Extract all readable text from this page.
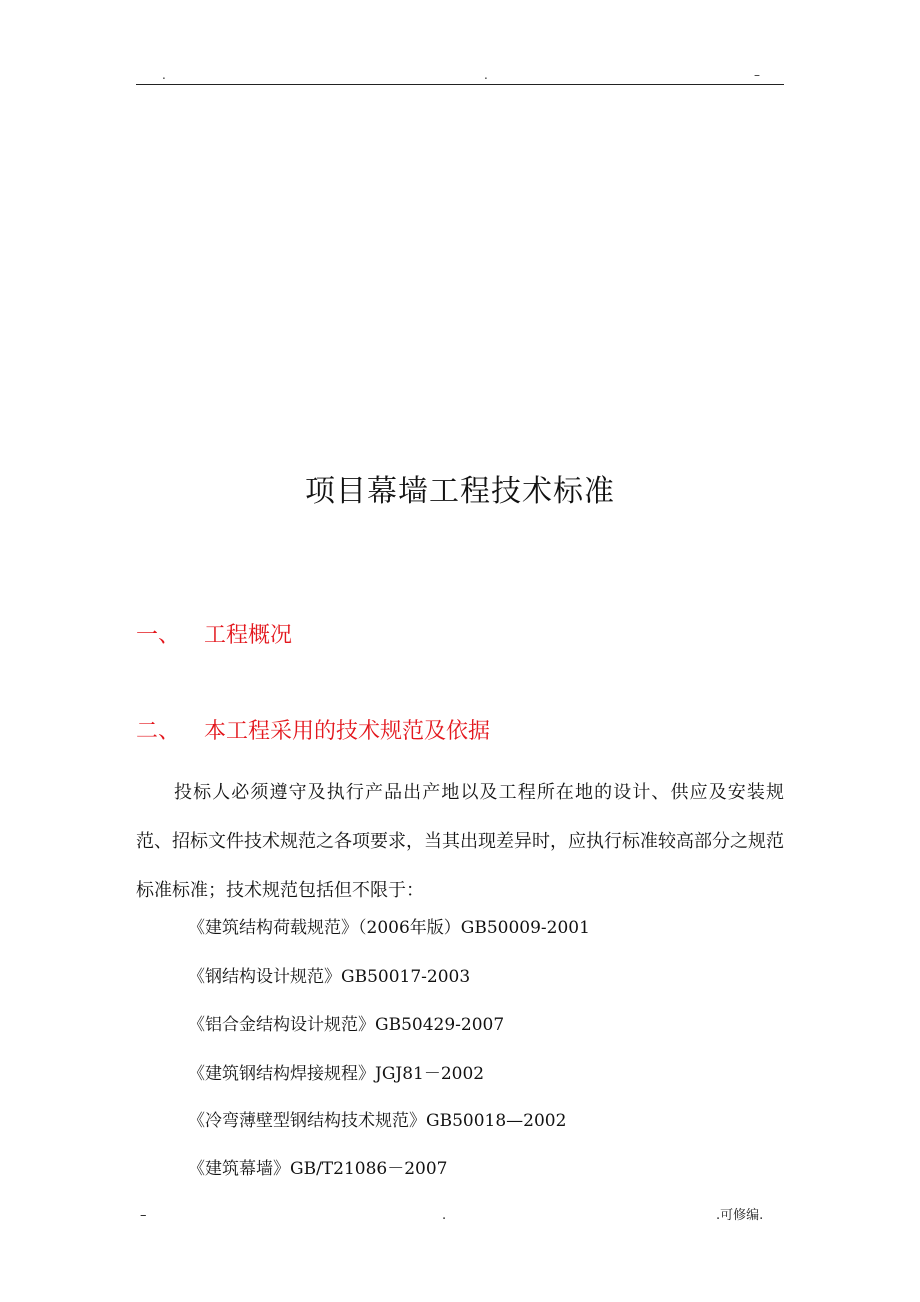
.	.	–
项目幕墙工程技术标准
一、 工程概况
二、 本工程采用的技术规范及依据
投标人必须遵守及执行产品出产地以及工程所在地的设计、供应及安装规范、招标文件技术规范之各项要求，当其出现差异时，应执行标准较高部分之规范标准标准；技术规范包括但不限于：
《建筑结构荷载规范》（2006年版）GB50009-2001
《钢结构设计规范》GB50017-2003
《铝合金结构设计规范》GB50429-2007
《建筑钢结构焊接规程》JGJ81－2002
《冷弯薄壁型钢结构技术规范》GB50018—2002
《建筑幕墙》GB/T21086－2007
–	.	.可修编.
